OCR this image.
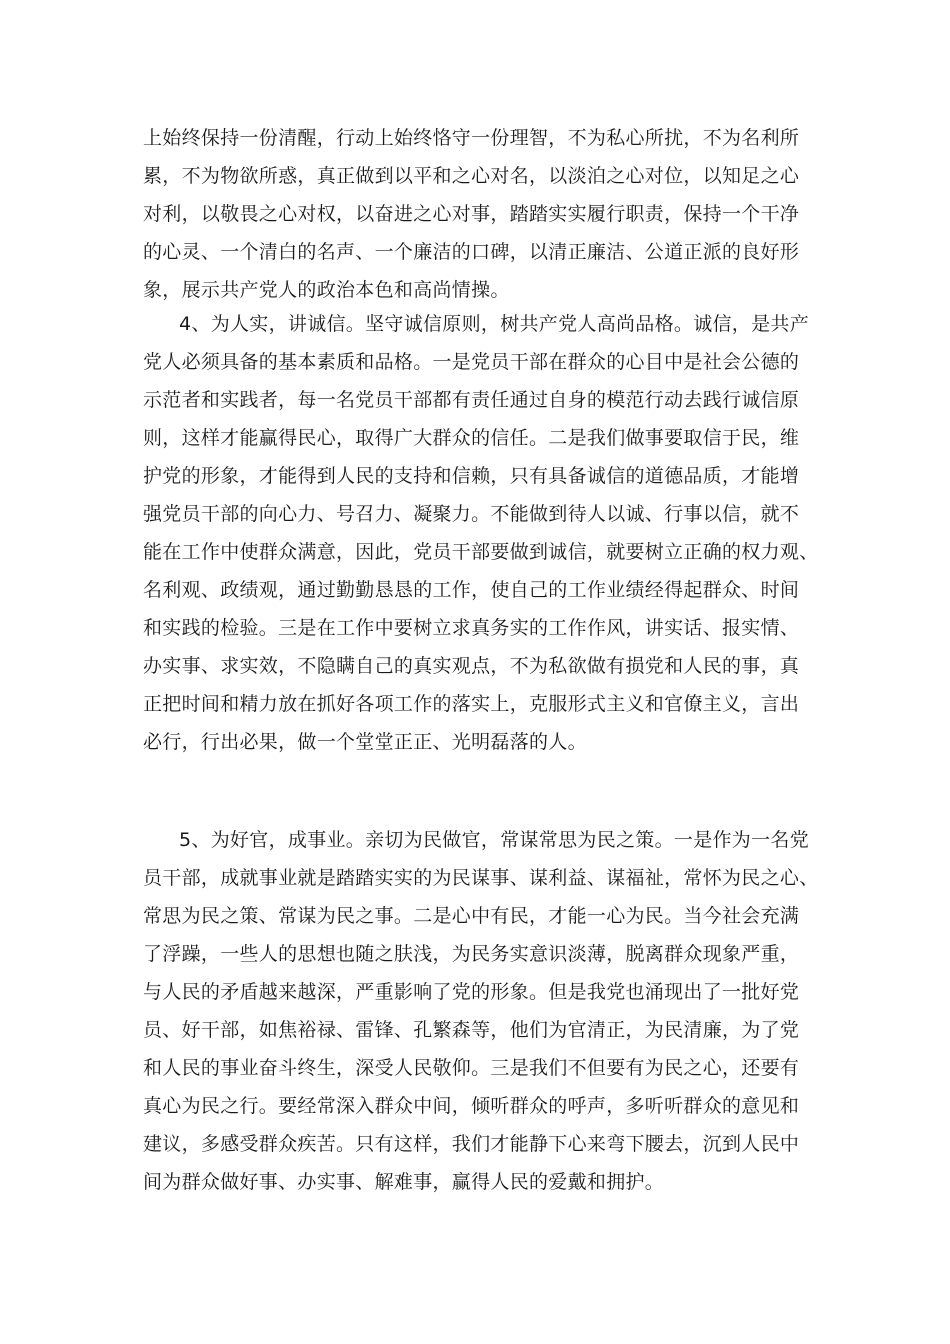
上始终保持一份清醒，行动上始终恪守一份理智，不为私心所扰，不为名利所
累，不为物欲所惑，真正做到以平和之心对名，以淡泊之心对位，以知足之心
对利，以敬畏之心对权，以奋进之心对事，踏踏实实履行职责，保持一个干净
的心灵、一个清白的名声、一个廉洁的口碑，以清正廉洁、公道正派的良好形
象，展示共产党人的政治本色和高尚情操。
4、为人实，讲诚信。坚守诚信原则，树共产党人高尚品格。诚信，是共产
党人必须具备的基本素质和品格。一是党员干部在群众的心目中是社会公德的
示范者和实践者，每一名党员干部都有责任通过自身的模范行动去践行诚信原
则，这样才能赢得民心，取得广大群众的信任。二是我们做事要取信于民，维
护党的形象，才能得到人民的支持和信赖，只有具备诚信的道德品质，才能增
强党员干部的向心力、号召力、凝聚力。不能做到待人以诚、行事以信，就不
能在工作中使群众满意，因此，党员干部要做到诚信，就要树立正确的权力观、
名利观、政绩观，通过勤勤恳恳的工作，使自己的工作业绩经得起群众、时间
和实践的检验。三是在工作中要树立求真务实的工作作风，讲实话、报实情、
办实事、求实效，不隐瞒自己的真实观点，不为私欲做有损党和人民的事，真
正把时间和精力放在抓好各项工作的落实上，克服形式主义和官僚主义，言出
必行，行出必果，做一个堂堂正正、光明磊落的人。
5、为好官，成事业。亲切为民做官，常谋常思为民之策。一是作为一名党
员干部，成就事业就是踏踏实实的为民谋事、谋利益、谋福祉，常怀为民之心、
常思为民之策、常谋为民之事。二是心中有民，才能一心为民。当今社会充满
了浮躁，一些人的思想也随之肤浅，为民务实意识淡薄，脱离群众现象严重，
与人民的矛盾越来越深，严重影响了党的形象。但是我党也涌现出了一批好党
员、好干部，如焦裕禄、雷锋、孔繁森等，他们为官清正，为民清廉，为了党
和人民的事业奋斗终生，深受人民敬仰。三是我们不但要有为民之心，还要有
真心为民之行。要经常深入群众中间，倾听群众的呼声，多听听群众的意见和
建议，多感受群众疾苦。只有这样，我们才能静下心来弯下腰去，沉到人民中
间为群众做好事、办实事、解难事，赢得人民的爱戴和拥护。
